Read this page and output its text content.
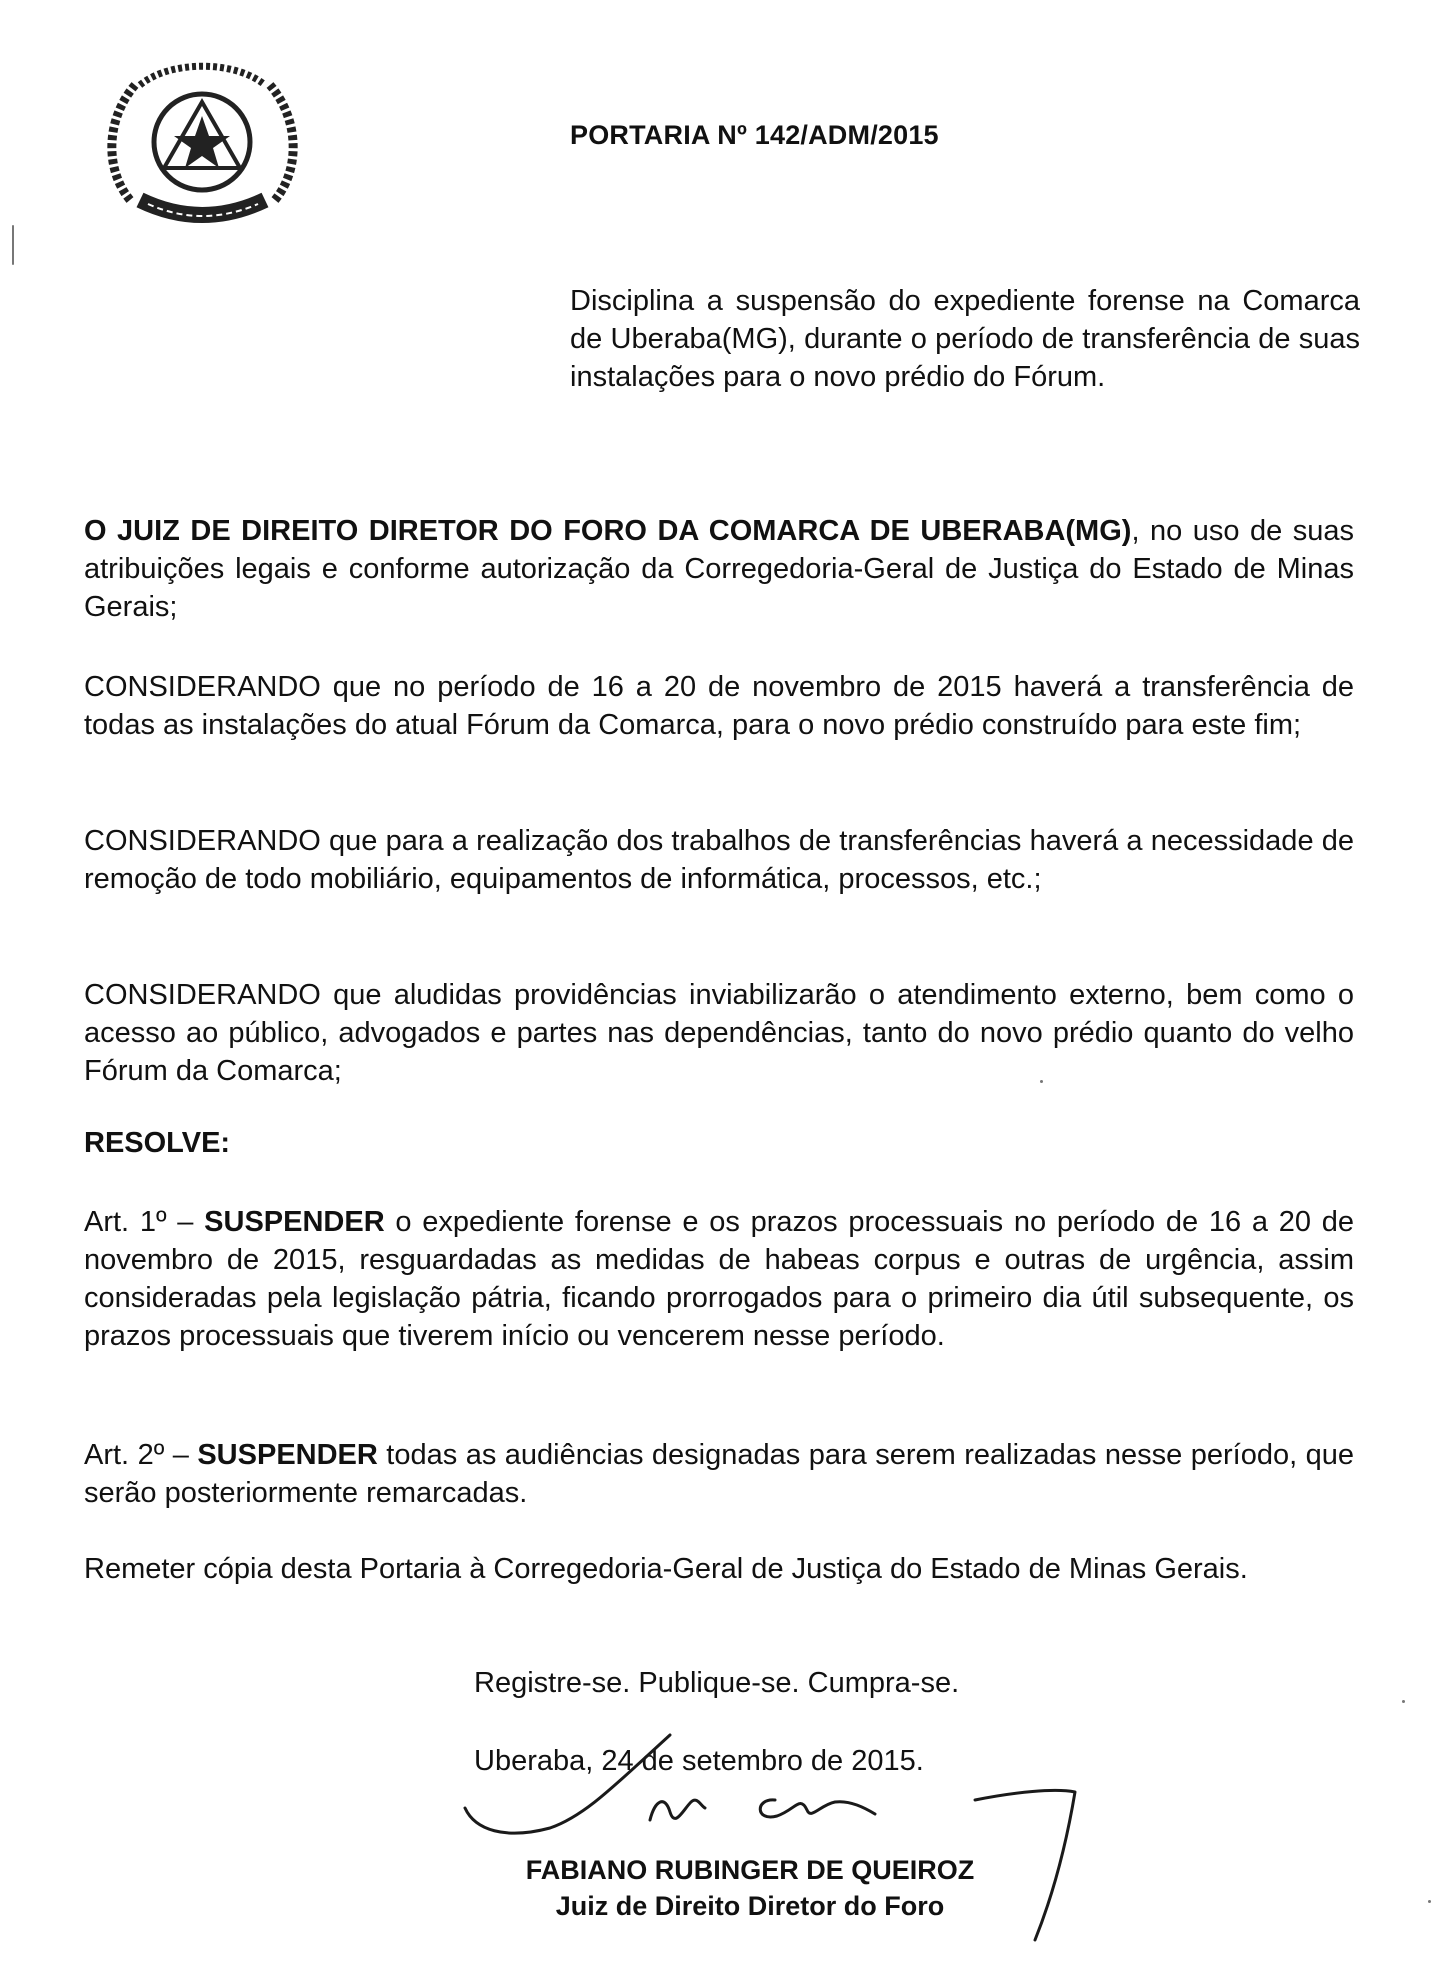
PORTARIA Nº 142/ADM/2015
Disciplina a suspensão do expediente forense na Comarca de Uberaba(MG), durante o período de transferência de suas instalações para o novo prédio do Fórum.
O JUIZ DE DIREITO DIRETOR DO FORO DA COMARCA DE UBERABA(MG), no uso de suas atribuições legais e conforme autorização da Corregedoria-Geral de Justiça do Estado de Minas Gerais;
CONSIDERANDO que no período de 16 a 20 de novembro de 2015 haverá a transferência de todas as instalações do atual Fórum da Comarca, para o novo prédio construído para este fim;
CONSIDERANDO que para a realização dos trabalhos de transferências haverá a necessidade de remoção de todo mobiliário, equipamentos de informática, processos, etc.;
CONSIDERANDO que aludidas providências inviabilizarão o atendimento externo, bem como o acesso ao público, advogados e partes nas dependências, tanto do novo prédio quanto do velho Fórum da Comarca;
RESOLVE:
Art. 1º – SUSPENDER o expediente forense e os prazos processuais no período de 16 a 20 de novembro de 2015, resguardadas as medidas de habeas corpus e outras de urgência, assim consideradas pela legislação pátria, ficando prorrogados para o primeiro dia útil subsequente, os prazos processuais que tiverem início ou vencerem nesse período.
Art. 2º – SUSPENDER todas as audiências designadas para serem realizadas nesse período, que serão posteriormente remarcadas.
Remeter cópia desta Portaria à Corregedoria-Geral de Justiça do Estado de Minas Gerais.
Registre-se. Publique-se. Cumpra-se.
Uberaba, 24 de setembro de 2015.
FABIANO RUBINGER DE QUEIROZ
Juiz de Direito Diretor do Foro
